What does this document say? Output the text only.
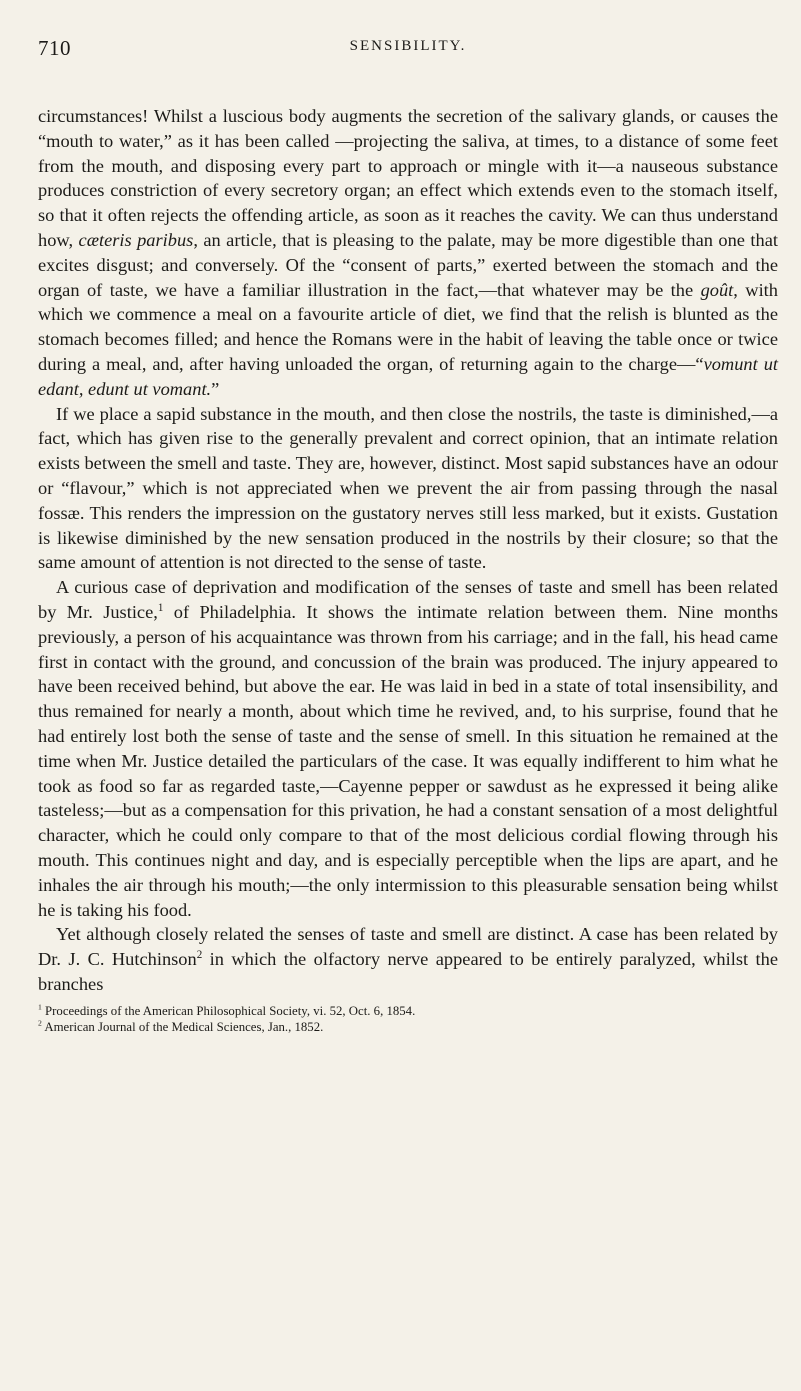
710	SENSIBILITY.

circumstances! Whilst a luscious body augments the secretion of the salivary glands, or causes the “mouth to water,” as it has been called —projecting the saliva, at times, to a distance of some feet from the mouth, and disposing every part to approach or mingle with it—a nauseous substance produces constriction of every secretory organ; an effect which extends even to the stomach itself, so that it often rejects the offending article, as soon as it reaches the cavity. We can thus understand how, cæteris paribus, an article, that is pleasing to the palate, may be more digestible than one that excites disgust; and conversely. Of the “consent of parts,” exerted between the stomach and the organ of taste, we have a familiar illustration in the fact,—that whatever may be the goût, with which we commence a meal on a favourite article of diet, we find that the relish is blunted as the stomach becomes filled; and hence the Romans were in the habit of leaving the table once or twice during a meal, and, after having unloaded the organ, of returning again to the charge—“vomunt ut edant, edunt ut vomant.”

If we place a sapid substance in the mouth, and then close the nostrils, the taste is diminished,—a fact, which has given rise to the generally prevalent and correct opinion, that an intimate relation exists between the smell and taste. They are, however, distinct. Most sapid substances have an odour or “flavour,” which is not appreciated when we prevent the air from passing through the nasal fossæ. This renders the impression on the gustatory nerves still less marked, but it exists. Gustation is likewise diminished by the new sensation produced in the nostrils by their closure; so that the same amount of attention is not directed to the sense of taste.

A curious case of deprivation and modification of the senses of taste and smell has been related by Mr. Justice,$^1$ of Philadelphia. It shows the intimate relation between them. Nine months previously, a person of his acquaintance was thrown from his carriage; and in the fall, his head came first in contact with the ground, and concussion of the brain was produced. The injury appeared to have been received behind, but above the ear. He was laid in bed in a state of total insensibility, and thus remained for nearly a month, about which time he revived, and, to his surprise, found that he had entirely lost both the sense of taste and the sense of smell. In this situation he remained at the time when Mr. Justice detailed the particulars of the case. It was equally indifferent to him what he took as food so far as regarded taste,—Cayenne pepper or sawdust as he expressed it being alike tasteless;—but as a compensation for this privation, he had a constant sensation of a most delightful character, which he could only compare to that of the most delicious cordial flowing through his mouth. This continues night and day, and is especially perceptible when the lips are apart, and he inhales the air through his mouth;—the only intermission to this pleasurable sensation being whilst he is taking his food.

Yet although closely related the senses of taste and smell are distinct. A case has been related by Dr. J. C. Hutchinson$^2$ in which the olfactory nerve appeared to be entirely paralyzed, whilst the branches

$^1$ Proceedings of the American Philosophical Society, vi. 52, Oct. 6, 1854.
$^2$ American Journal of the Medical Sciences, Jan., 1852.
